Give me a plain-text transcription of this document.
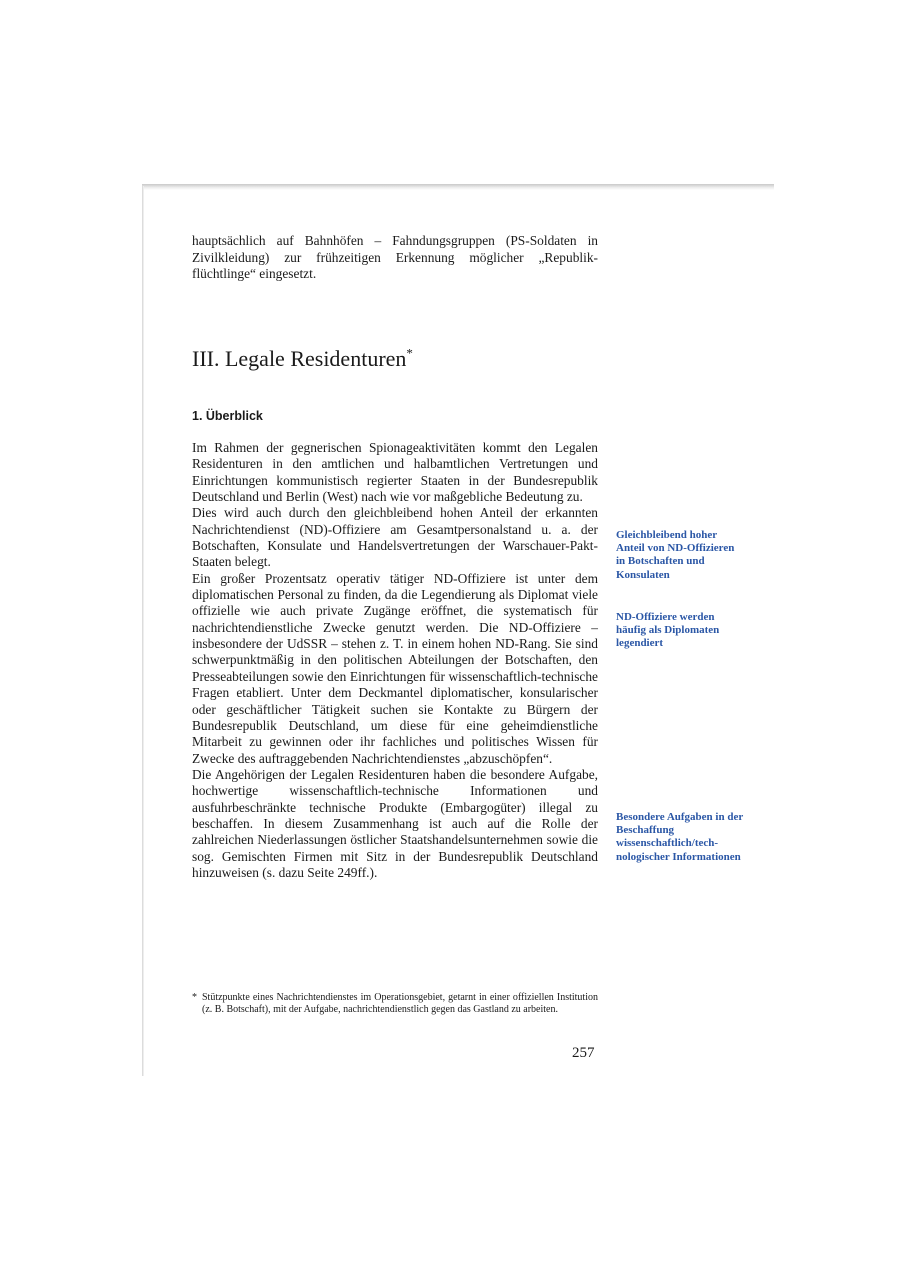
hauptsächlich auf Bahnhöfen – Fahndungsgruppen (PS-Soldaten in Zivilkleidung) zur frühzeitigen Erkennung möglicher „Republikflüchtlinge“ eingesetzt.
III. Legale Residenturen*
1. Überblick

Im Rahmen der gegnerischen Spionageaktivitäten kommt den Legalen Residenturen in den amtlichen und halbamtlichen Vertretungen und Einrichtungen kommunistisch regierter Staaten in der Bundesrepublik Deutschland und Berlin (West) nach wie vor maßgebliche Bedeutung zu.

Dies wird auch durch den gleichbleibend hohen Anteil der erkannten Nachrichtendienst (ND)-Offiziere am Gesamtpersonalstand u. a. der Botschaften, Konsulate und Handelsvertretungen der Warschauer-Pakt-Staaten belegt.

Ein großer Prozentsatz operativ tätiger ND-Offiziere ist unter dem diplomatischen Personal zu finden, da die Legendierung als Diplomat viele offizielle wie auch private Zugänge eröffnet, die systematisch für nachrichtendienstliche Zwecke genutzt werden. Die ND-Offiziere – insbesondere der UdSSR – stehen z. T. in einem hohen ND-Rang. Sie sind schwerpunktmäßig in den politischen Abteilungen der Botschaften, den Presseabteilungen sowie den Einrichtungen für wissenschaftlich-technische Fragen etabliert. Unter dem Deckmantel diplomatischer, konsularischer oder geschäftlicher Tätigkeit suchen sie Kontakte zu Bürgern der Bundesrepublik Deutschland, um diese für eine geheimdienstliche Mitarbeit zu gewinnen oder ihr fachliches und politisches Wissen für Zwecke des auftraggebenden Nachrichtendienstes „abzuschöpfen“.

Die Angehörigen der Legalen Residenturen haben die besondere Aufgabe, hochwertige wissenschaftlich-technische Informationen und ausfuhrbeschränkte technische Produkte (Embargogüter) illegal zu beschaffen. In diesem Zusammenhang ist auch auf die Rolle der zahlreichen Niederlassungen östlicher Staatshandelsunternehmen sowie die sog. Gemischten Firmen mit Sitz in der Bundesrepublik Deutschland hinzuweisen (s. dazu Seite 249ff.).

Gleichbleibend hoher Anteil von ND-Offizieren in Botschaften und Konsulaten
ND-Offiziere werden häufig als Diplomaten legendiert
Besondere Aufgaben in der Beschaffung wissenschaftlich/technologischer Informationen
* Stützpunkte eines Nachrichtendienstes im Operationsgebiet, getarnt in einer offiziellen Institution (z. B. Botschaft), mit der Aufgabe, nachrichtendienstlich gegen das Gastland zu arbeiten.
257
